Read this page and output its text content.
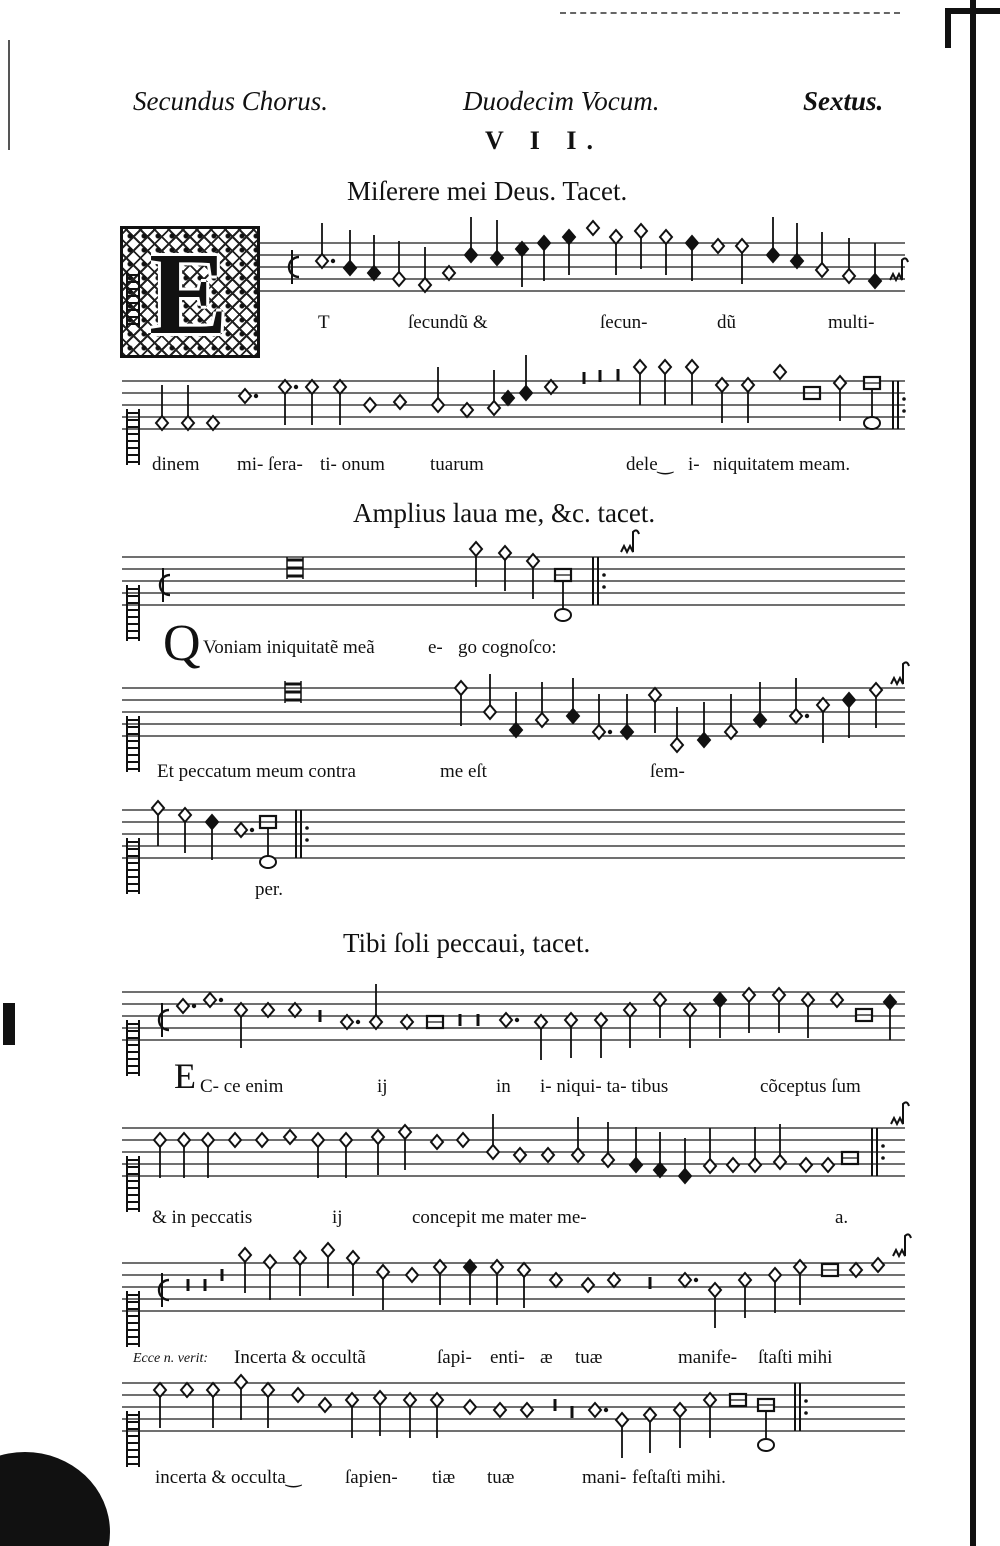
Secundus Chorus.	Duodecim Vocum.	Sextus.
V I I.
Miſerere mei Deus. Tacet.
Amplius laua me, &c. tacet.
Tibi ſoli peccaui, tacet.
E	T	ſecundũ &	ſecun-	dũ	multi-
dinem mi- ſera- ti- onum tuarum	dele‿ i- niquitatem meam.
Q Voniam iniquitatẽ meã	e- go cognoſco:
Et peccatum meum contra	me eſt	ſem-
per.
E C- ce enim	ij	in i- niqui- ta- tibus	cõceptus ſum
& in peccatis	ij	concepit me mater me-	a.
Ecce n. verit: Incerta & occultã	ſapi- enti- æ tuæ	manife- ſtaſti mihi
incerta & occulta‿ ſapien- tiæ tuæ	mani- feſtaſti mihi.
